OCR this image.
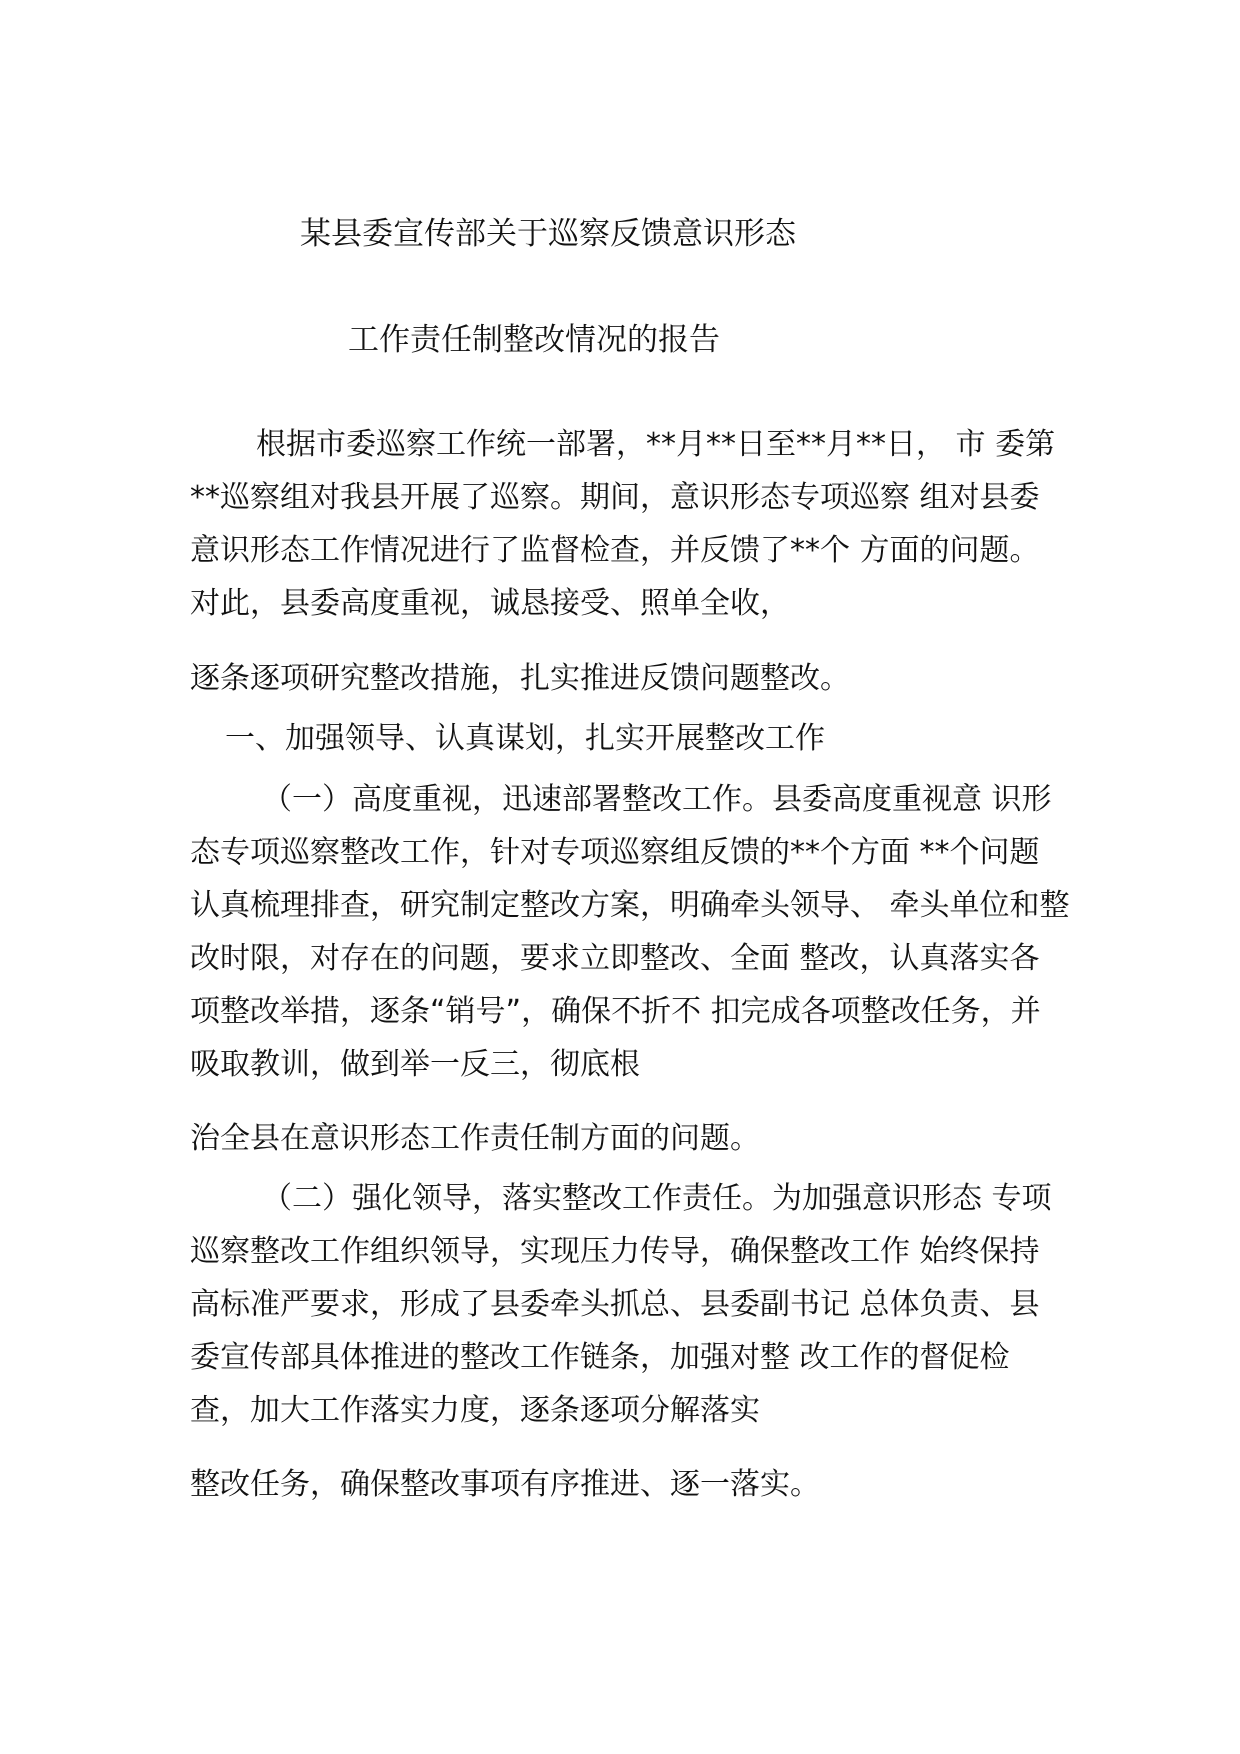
某县委宣传部关于巡察反馈意识形态
工作责任制整改情况的报告
根据市委巡察工作统一部署，**月**日至**月**日， 市 委第
**巡察组对我县开展了巡察。期间，意识形态专项巡察 组对县委
意识形态工作情况进行了监督检查，并反馈了**个 方面的问题。
对此，县委高度重视，诚恳接受、照单全收，
逐条逐项研究整改措施，扎实推进反馈问题整改。
一、加强领导、认真谋划，扎实开展整改工作
（一）高度重视，迅速部署整改工作。县委高度重视意 识形
态专项巡察整改工作，针对专项巡察组反馈的**个方面 **个问题
认真梳理排查，研究制定整改方案，明确牵头领导、 牵头单位和整
改时限，对存在的问题，要求立即整改、全面 整改，认真落实各
项整改举措，逐条“销号”，确保不折不 扣完成各项整改任务，并
吸取教训，做到举一反三，彻底根
治全县在意识形态工作责任制方面的问题。
（二）强化领导，落实整改工作责任。为加强意识形态 专项
巡察整改工作组织领导，实现压力传导，确保整改工作 始终保持
高标准严要求，形成了县委牵头抓总、县委副书记 总体负责、县
委宣传部具体推进的整改工作链条，加强对整 改工作的督促检
查，加大工作落实力度，逐条逐项分解落实
整改任务，确保整改事项有序推进、逐一落实。
